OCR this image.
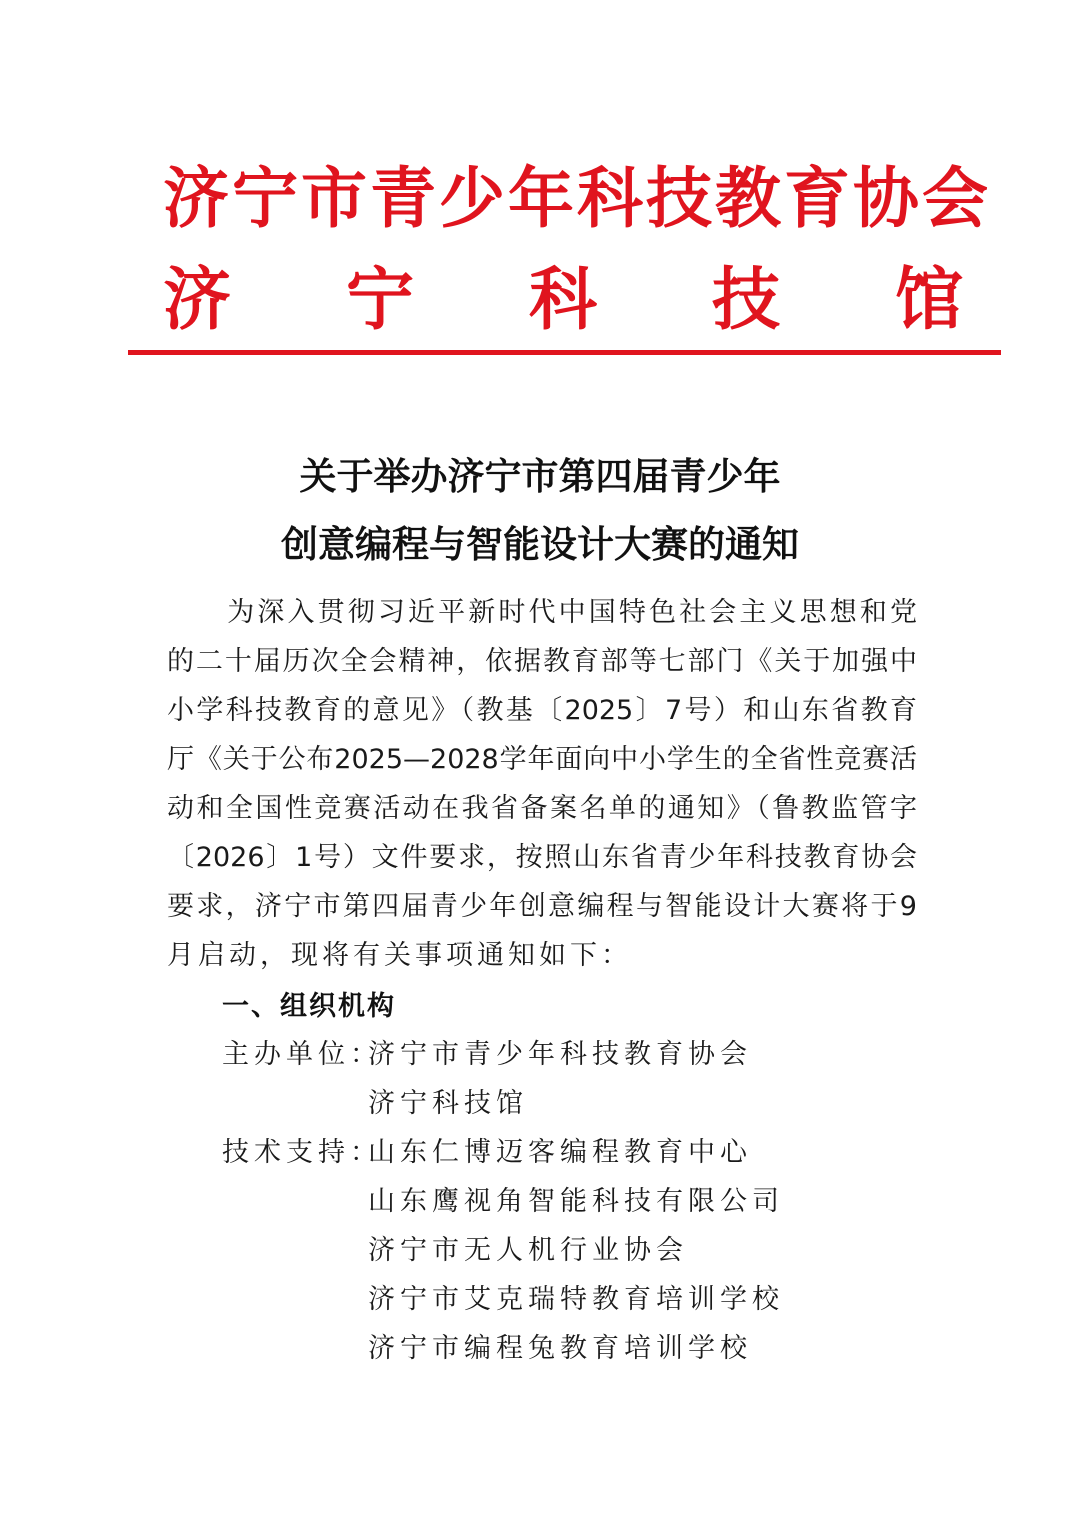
济宁市青少年科技教育协会
济 宁 科 技 馆
关于举办济宁市第四届青少年
创意编程与智能设计大赛的通知
　　为深入贯彻习近平新时代中国特色社会主义思想和党
的二十届历次全会精神，依据教育部等七部门《关于加强中
小学科技教育的意见》（教基〔2025〕7号）和山东省教育
厅《关于公布2025—2028学年面向中小学生的全省性竞赛活
动和全国性竞赛活动在我省备案名单的通知》（鲁教监管字
〔2026〕1号）文件要求，按照山东省青少年科技教育协会
要求，济宁市第四届青少年创意编程与智能设计大赛将于9
月启动，现将有关事项通知如下：
一、组织机构
主办单位：
济宁市青少年科技教育协会
济宁科技馆
技术支持：
山东仁博迈客编程教育中心
山东鹰视角智能科技有限公司
济宁市无人机行业协会
济宁市艾克瑞特教育培训学校
济宁市编程兔教育培训学校
